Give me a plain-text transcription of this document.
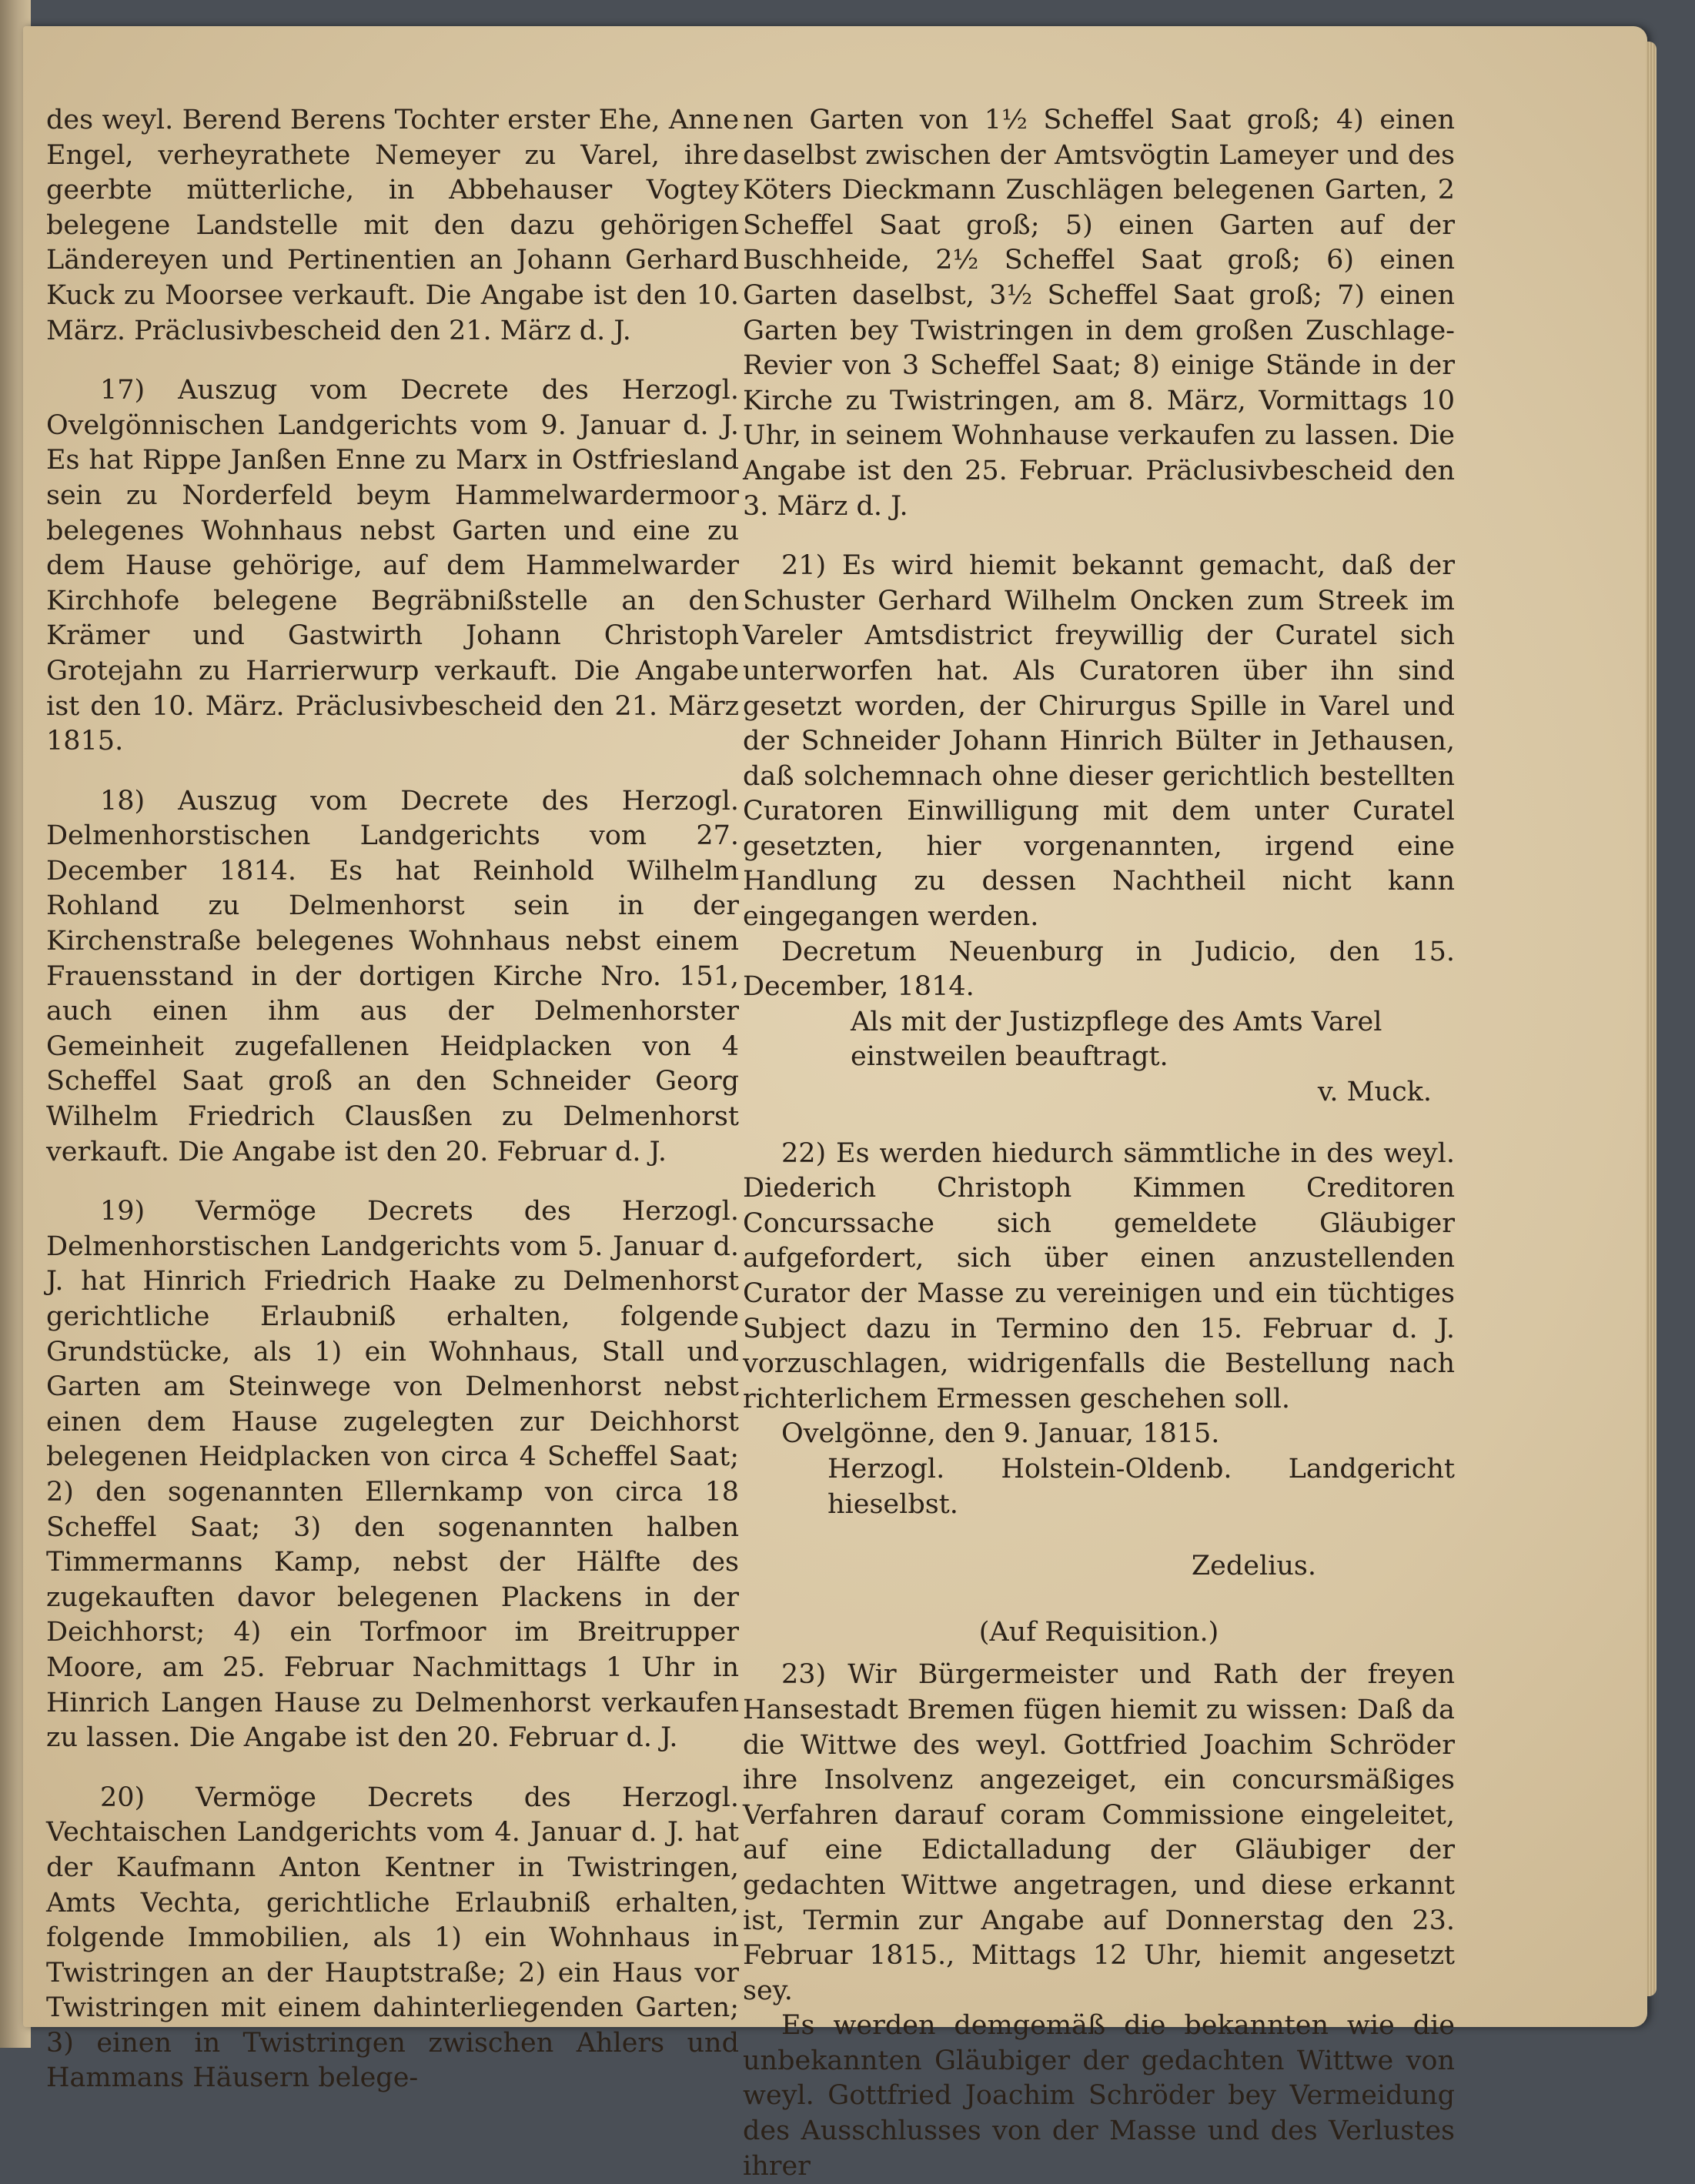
des weyl. Berend Berens Tochter erster Ehe, Anne Engel, verheyrathete Nemeyer zu Varel, ihre geerbte mütterliche, in Abbehauser Vogtey belegene Landstelle mit den dazu gehörigen Ländereyen und Pertinentien an Johann Gerhard Kuck zu Moorsee verkauft. Die Angabe ist den 10. März. Präclusivbescheid den 21. März d. J.

17) Auszug vom Decrete des Herzogl. Ovelgönnischen Landgerichts vom 9. Januar d. J. Es hat Rippe Janßen Enne zu Marx in Ostfriesland sein zu Norderfeld beym Hammelwardermoor belegenes Wohnhaus nebst Garten und eine zu dem Hause gehörige, auf dem Hammelwarder Kirchhofe belegene Begräbnißstelle an den Krämer und Gastwirth Johann Christoph Grotejahn zu Harrierwurp verkauft. Die Angabe ist den 10. März. Präclusivbescheid den 21. März 1815.

18) Auszug vom Decrete des Herzogl. Delmenhorstischen Landgerichts vom 27. December 1814. Es hat Reinhold Wilhelm Rohland zu Delmenhorst sein in der Kirchenstraße belegenes Wohnhaus nebst einem Frauensstand in der dortigen Kirche Nro. 151, auch einen ihm aus der Delmenhorster Gemeinheit zugefallenen Heidplacken von 4 Scheffel Saat groß an den Schneider Georg Wilhelm Friedrich Clausßen zu Delmenhorst verkauft. Die Angabe ist den 20. Februar d. J.

19) Vermöge Decrets des Herzogl. Delmenhorstischen Landgerichts vom 5. Januar d. J. hat Hinrich Friedrich Haake zu Delmenhorst gerichtliche Erlaubniß erhalten, folgende Grundstücke, als 1) ein Wohnhaus, Stall und Garten am Steinwege von Delmenhorst nebst einen dem Hause zugelegten zur Deichhorst belegenen Heidplacken von circa 4 Scheffel Saat; 2) den sogenannten Ellernkamp von circa 18 Scheffel Saat; 3) den sogenannten halben Timmermanns Kamp, nebst der Hälfte des zugekauften davor belegenen Plackens in der Deichhorst; 4) ein Torfmoor im Breitrupper Moore, am 25. Februar Nachmittags 1 Uhr in Hinrich Langen Hause zu Delmenhorst verkaufen zu lassen. Die Angabe ist den 20. Februar d. J.

20) Vermöge Decrets des Herzogl. Vechtaischen Landgerichts vom 4. Januar d. J. hat der Kaufmann Anton Kentner in Twistringen, Amts Vechta, gerichtliche Erlaubniß erhalten, folgende Immobilien, als 1) ein Wohnhaus in Twistringen an der Hauptstraße; 2) ein Haus vor Twistringen mit einem dahinterliegenden Garten; 3) einen in Twistringen zwischen Ahlers und Hammans Häusern belege-

nen Garten von 1½ Scheffel Saat groß; 4) einen daselbst zwischen der Amtsvögtin Lameyer und des Köters Dieckmann Zuschlägen belegenen Garten, 2 Scheffel Saat groß; 5) einen Garten auf der Buschheide, 2½ Scheffel Saat groß; 6) einen Garten daselbst, 3½ Scheffel Saat groß; 7) einen Garten bey Twistringen in dem großen Zuschlage-Revier von 3 Scheffel Saat; 8) einige Stände in der Kirche zu Twistringen, am 8. März, Vormittags 10 Uhr, in seinem Wohnhause verkaufen zu lassen. Die Angabe ist den 25. Februar. Präclusivbescheid den 3. März d. J.

21) Es wird hiemit bekannt gemacht, daß der Schuster Gerhard Wilhelm Oncken zum Streek im Vareler Amtsdistrict freywillig der Curatel sich unterworfen hat. Als Curatoren über ihn sind gesetzt worden, der Chirurgus Spille in Varel und der Schneider Johann Hinrich Bülter in Jethausen, daß solchemnach ohne dieser gerichtlich bestellten Curatoren Einwilligung mit dem unter Curatel gesetzten, hier vorgenannten, irgend eine Handlung zu dessen Nachtheil nicht kann eingegangen werden.

Decretum Neuenburg in Judicio, den 15. December, 1814.

Als mit der Justizpflege des Amts Varel einstweilen beauftragt.
v. Muck.

22) Es werden hiedurch sämmtliche in des weyl. Diederich Christoph Kimmen Creditoren Concurssache sich gemeldete Gläubiger aufgefordert, sich über einen anzustellenden Curator der Masse zu vereinigen und ein tüchtiges Subject dazu in Termino den 15. Februar d. J. vorzuschlagen, widrigenfalls die Bestellung nach richterlichem Ermessen geschehen soll.

Ovelgönne, den 9. Januar, 1815.

Herzogl. Holstein-Oldenb. Landgericht hieselbst.

Zedelius.

(Auf Requisition.)

23) Wir Bürgermeister und Rath der freyen Hansestadt Bremen fügen hiemit zu wissen: Daß da die Wittwe des weyl. Gottfried Joachim Schröder ihre Insolvenz angezeiget, ein concursmäßiges Verfahren darauf coram Commissione eingeleitet, auf eine Edictalladung der Gläubiger der gedachten Wittwe angetragen, und diese erkannt ist, Termin zur Angabe auf Donnerstag den 23. Februar 1815., Mittags 12 Uhr, hiemit angesetzt sey.

Es werden demgemäß die bekannten wie die unbekannten Gläubiger der gedachten Wittwe von weyl. Gottfried Joachim Schröder bey Vermeidung des Ausschlusses von der Masse und des Verlustes ihrer
